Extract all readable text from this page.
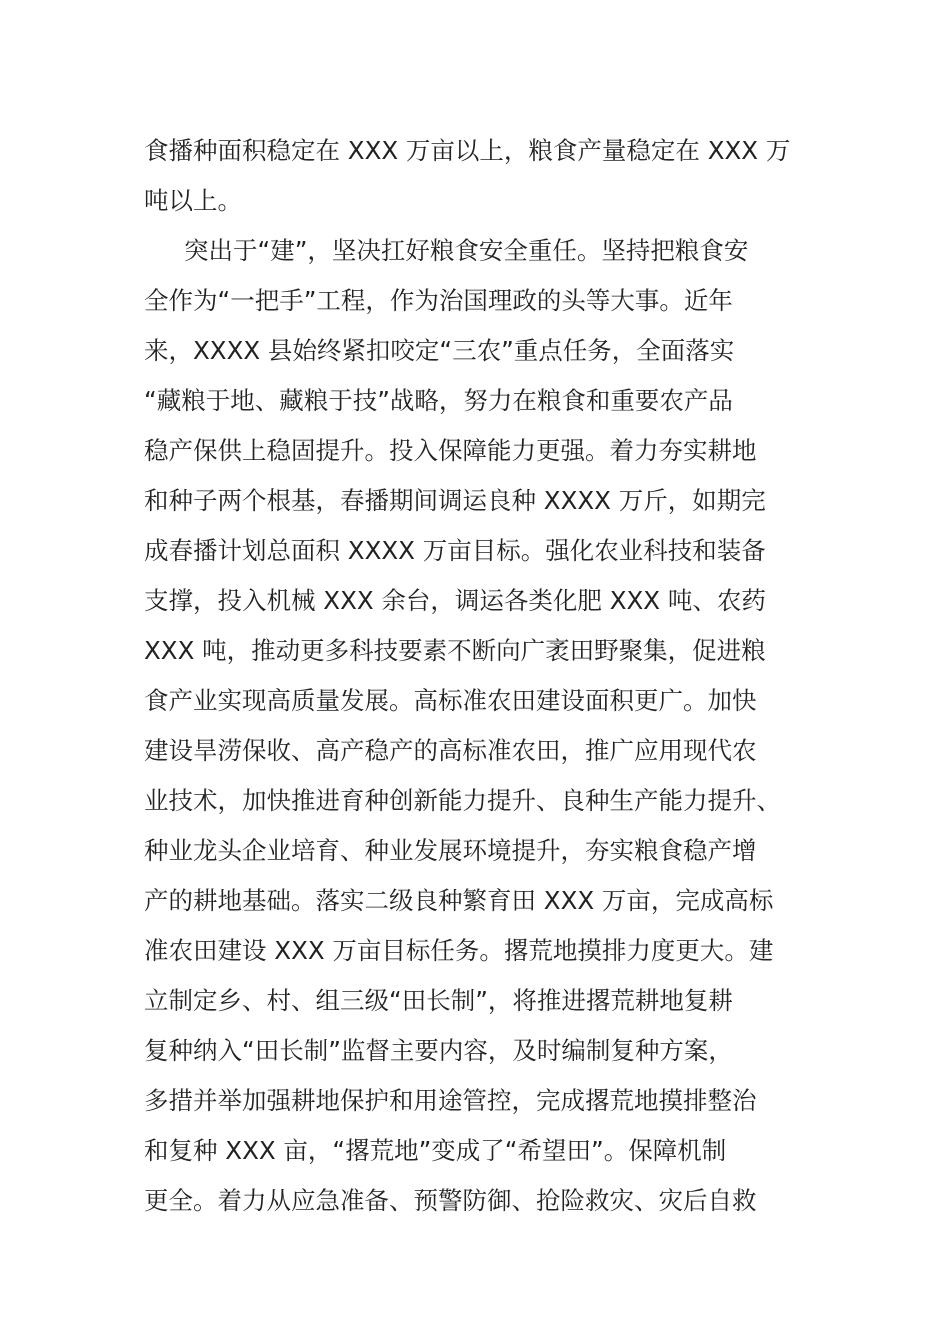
食播种面积稳定在 XXX 万亩以上，粮食产量稳定在 XXX 万
吨以上。
突出于“建”，坚决扛好粮食安全重任。坚持把粮食安
全作为“一把手”工程，作为治国理政的头等大事。近年
来，XXXX 县始终紧扣咬定“三农”重点任务，全面落实
“藏粮于地、藏粮于技”战略，努力在粮食和重要农产品
稳产保供上稳固提升。投入保障能力更强。着力夯实耕地
和种子两个根基，春播期间调运良种 XXXX 万斤，如期完
成春播计划总面积 XXXX 万亩目标。强化农业科技和装备
支撑，投入机械 XXX 余台，调运各类化肥 XXX 吨、农药
XXX 吨，推动更多科技要素不断向广袤田野聚集，促进粮
食产业实现高质量发展。高标准农田建设面积更广。加快
建设旱涝保收、高产稳产的高标准农田，推广应用现代农
业技术，加快推进育种创新能力提升、良种生产能力提升、
种业龙头企业培育、种业发展环境提升，夯实粮食稳产增
产的耕地基础。落实二级良种繁育田 XXX 万亩，完成高标
准农田建设 XXX 万亩目标任务。撂荒地摸排力度更大。建
立制定乡、村、组三级“田长制”，将推进撂荒耕地复耕
复种纳入“田长制”监督主要内容，及时编制复种方案，
多措并举加强耕地保护和用途管控，完成撂荒地摸排整治
和复种 XXX 亩，“撂荒地”变成了“希望田”。保障机制
更全。着力从应急准备、预警防御、抢险救灾、灾后自救
